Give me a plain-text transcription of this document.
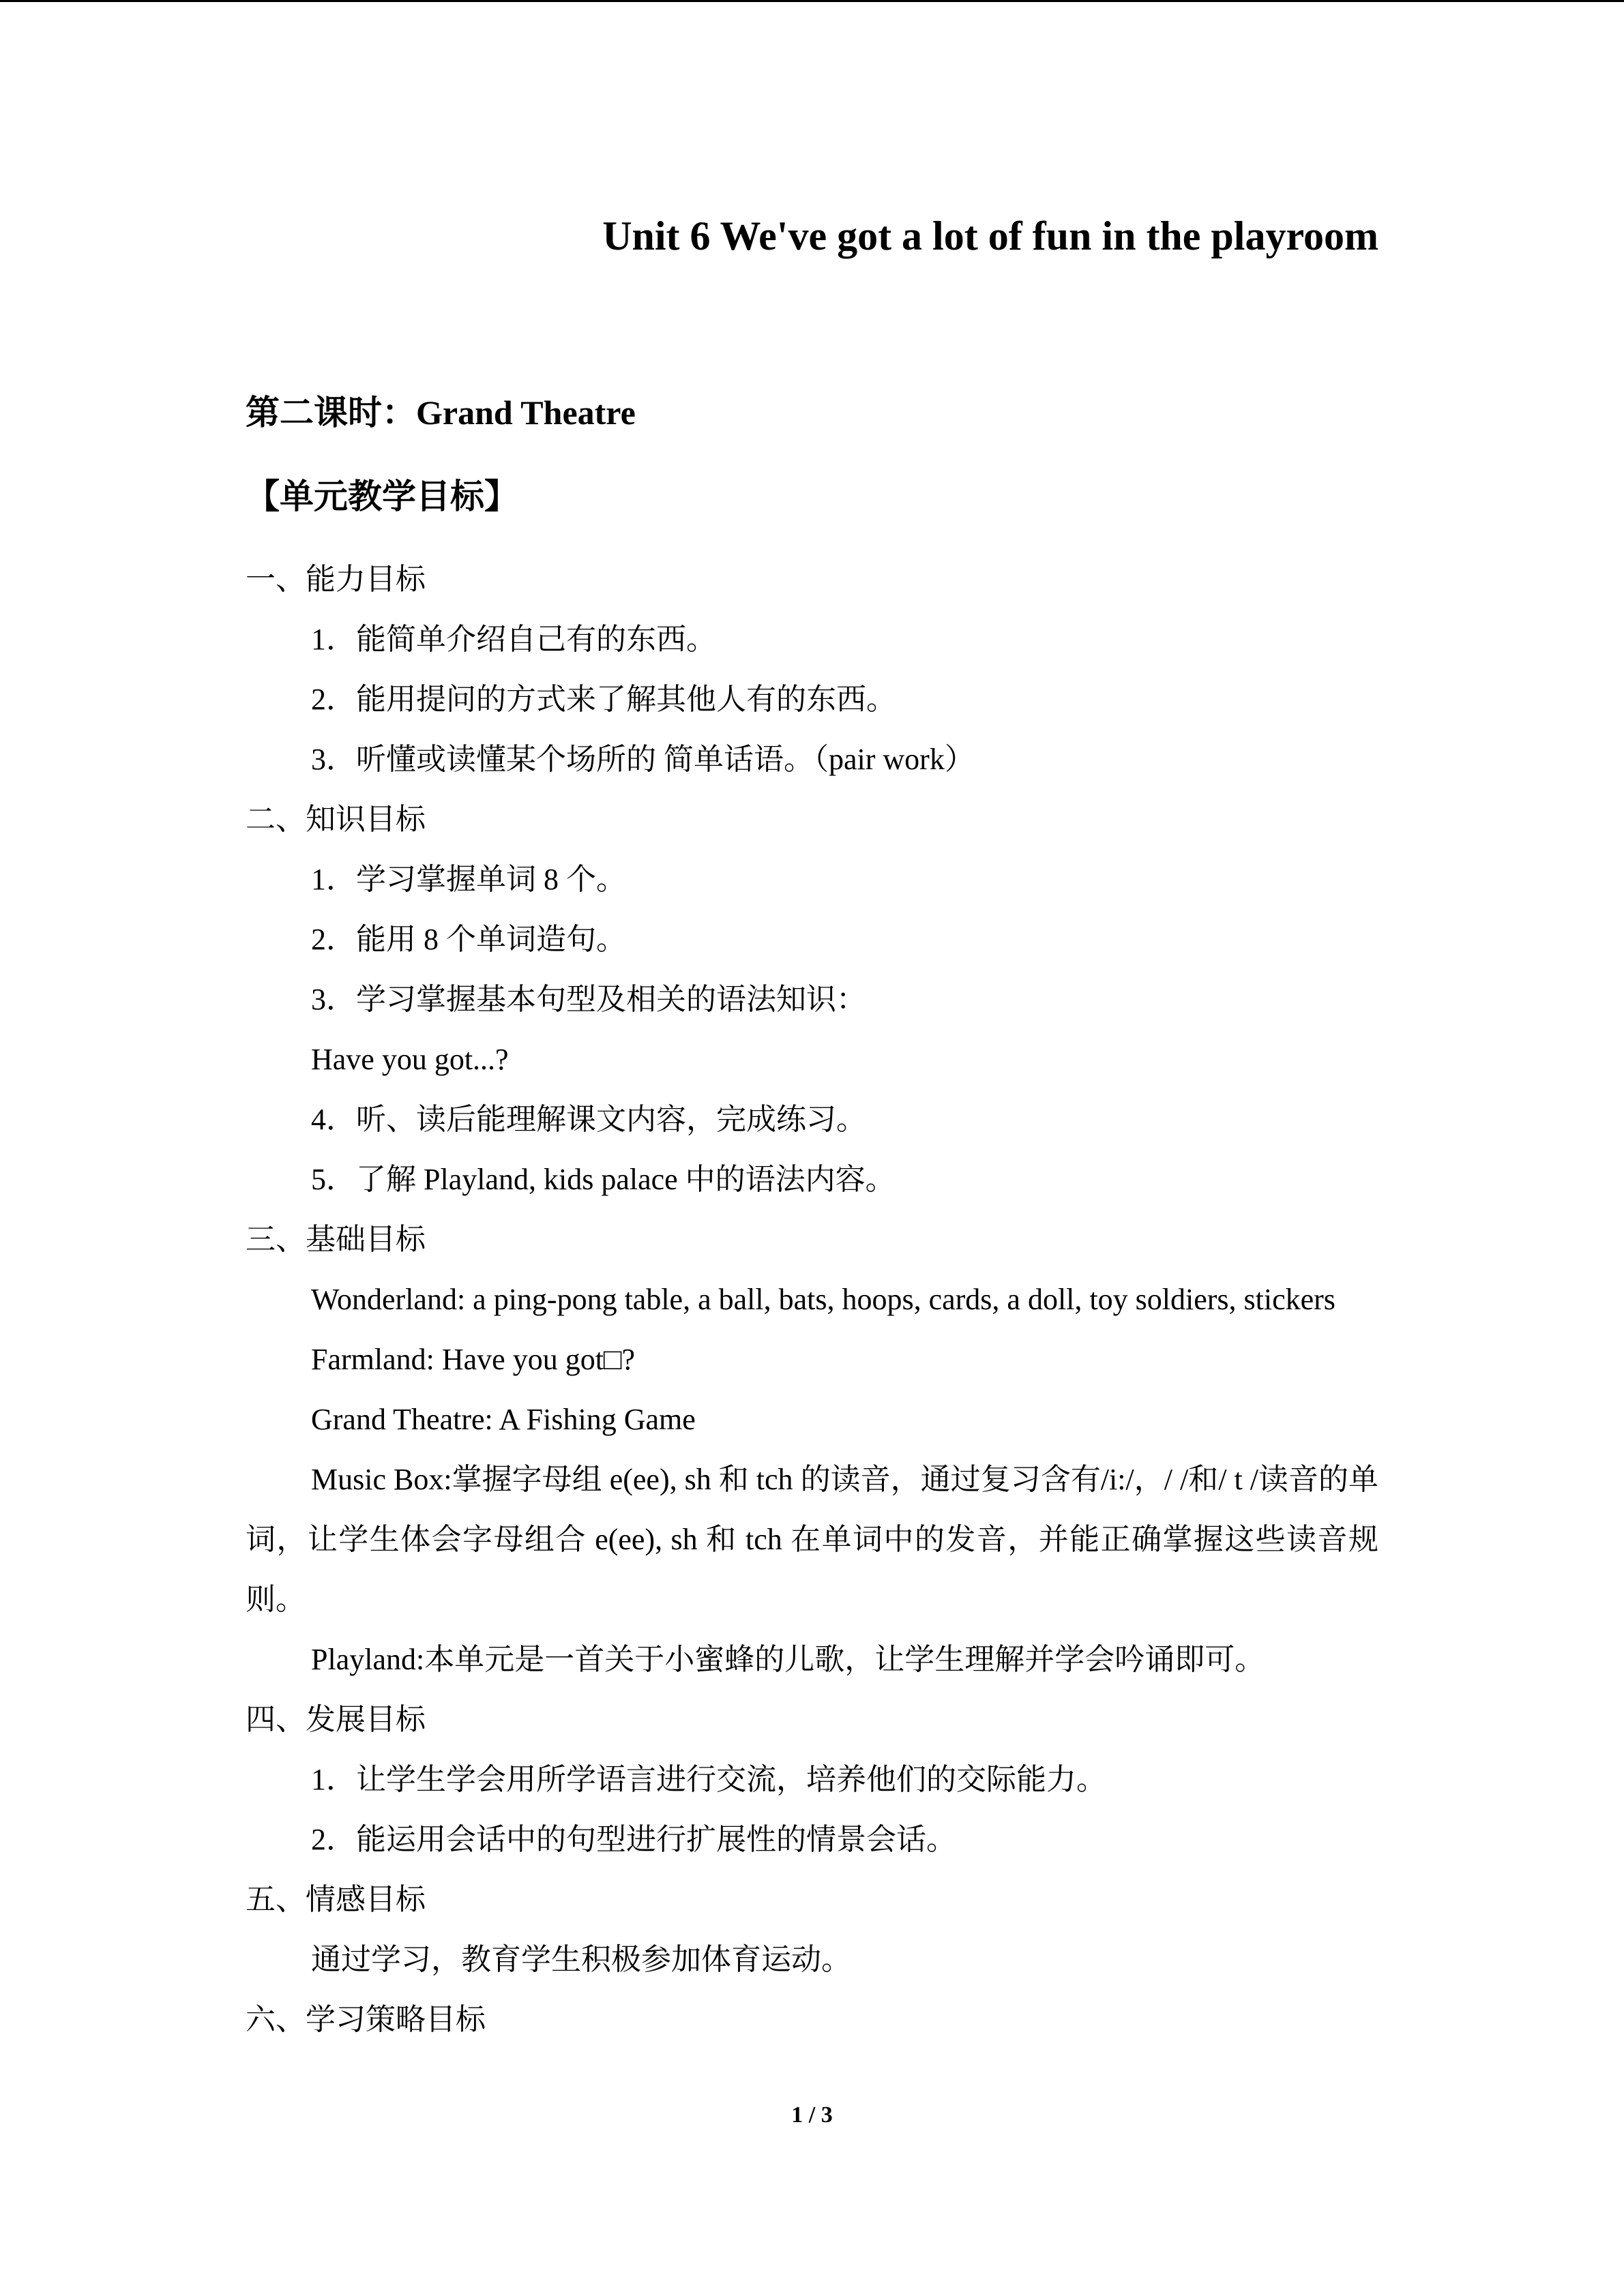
Unit 6 We've got a lot of fun in the playroom
第二课时：Grand Theatre
【单元教学目标】

一、能力目标

1．能简单介绍自己有的东西。

2．能用提问的方式来了解其他人有的东西。

3．听懂或读懂某个场所的 简单话语。（pair work）

二、知识目标

1．学习掌握单词 8 个。

2．能用 8 个单词造句。

3．学习掌握基本句型及相关的语法知识：

Have you got...?

4．听、读后能理解课文内容，完成练习。

5．了解 Playland, kids palace 中的语法内容。

三、基础目标

Wonderland: a ping-pong table, a ball, bats, hoops, cards, a doll, toy soldiers, stickers

Farmland: Have you got□?

Grand Theatre: A Fishing Game

Music Box:掌握字母组 e(ee), sh 和 tch 的读音，通过复习含有/i:/，/ /和/ t /读音的单词，让学生体会字母组合 e(ee), sh 和 tch 在单词中的发音，并能正确掌握这些读音规则。

Playland:本单元是一首关于小蜜蜂的儿歌，让学生理解并学会吟诵即可。

四、发展目标

1．让学生学会用所学语言进行交流，培养他们的交际能力。

2．能运用会话中的句型进行扩展性的情景会话。

五、情感目标

通过学习，教育学生积极参加体育运动。

六、学习策略目标

1 / 3
